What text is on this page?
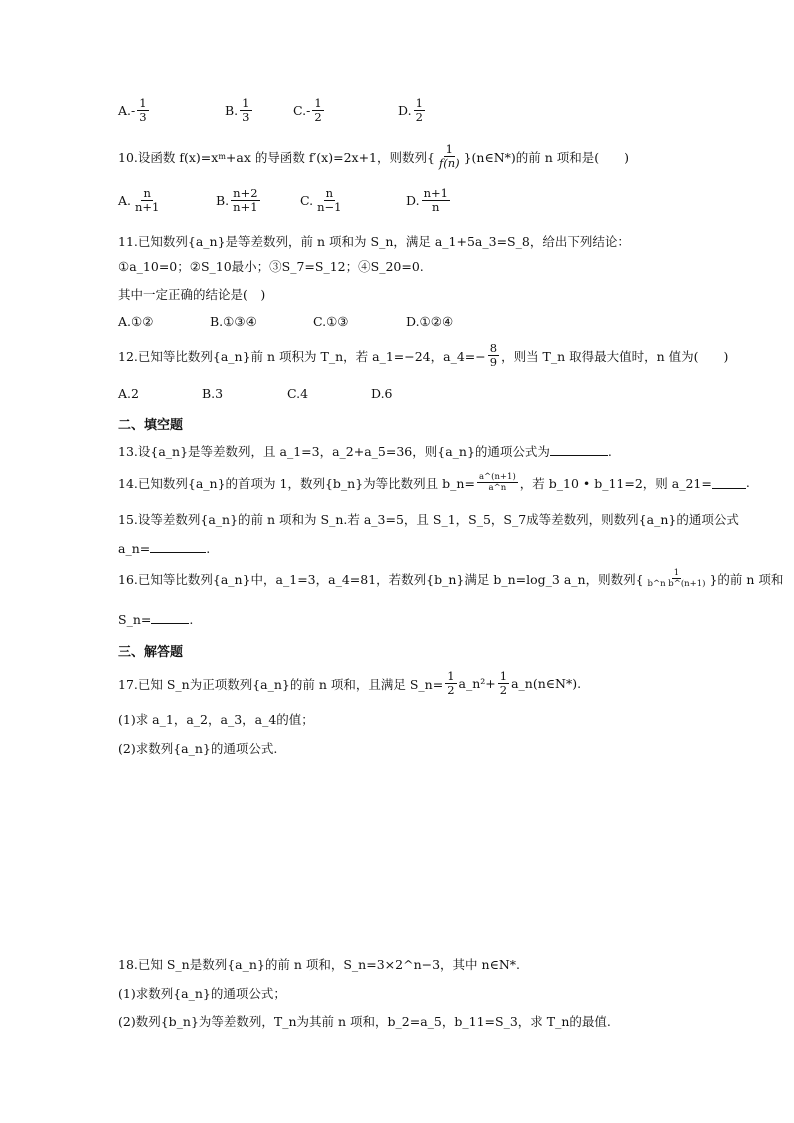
A. - $\frac{1}{3}$	B. $\frac{1}{3}$	C. - $\frac{1}{2}$	D. $\frac{1}{2}$
10.设函数 f(x)=x m +ax 的导函数 f′(x)=2x+1，则数列{ $\frac{1}{f(n)}$ }(n∈N*)的前 n 项和是(　　)
A. $\frac{n}{n+1}$	B. $\frac{n+2}{n+1}$	C. $\frac{n}{n-1}$	D. $\frac{n+1}{n}$
11.已知数列{a_n}是等差数列，前 n 项和为 S_n，满足 a_1+5a_3=S_8，给出下列结论：
①a_10=0；②S_10最小；③S_7=S_12；④S_20=0.
其中一定正确的结论是(　)
A.①②	B.①③④	C.①③	D.①②④
12.已知等比数列{a_n}前 n 项积为 T_n，若 a_1=−24，a_4=− $\frac{8}{9}$ ，则当 T_n 取得最大值时，n 值为(　　)
A.2	B.3	C.4	D.6
二、填空题
13.设{a_n}是等差数列，且 a_1=3，a_2+a_5=36，则{a_n}的通项公式为	.
14.已知数列{a_n}的首项为 1，数列{b_n}为等比数列且 b_n= $\frac{a\^{}(n+1)}{a\^{}n}$ ，若 b_10 • b_11=2，则 a_21=	.
15.设等差数列{a_n}的前 n 项和为 S_n.若 a_3=5，且 S_1，S_5，S_7成等差数列，则数列{a_n}的通项公式
a_n=	.
16.已知等比数列{a_n}中，a_1=3，a_4=81，若数列{b_n}满足 b_n=log_3 a_n，则数列{ $\frac{1}{\text{b\textasciicircum{}n b\textasciicircum{}(n+1)}}$ }的前 n 项和
S_n=	.
三、解答题
17.已知 S_n为正项数列{a_n}的前 n 项和，且满足 S_n= $\frac{1}{2}$ a_n²+ $\frac{1}{2}$ a_n(n∈N*).
(1)求 a_1，a_2，a_3，a_4的值；
(2)求数列{a_n}的通项公式.
18.已知 S_n是数列{a_n}的前 n 项和，S_n=3×2^n−3，其中 n∈N*.
(1)求数列{a_n}的通项公式；
(2)数列{b_n}为等差数列，T_n为其前 n 项和，b_2=a_5，b_11=S_3，求 T_n的最值.
